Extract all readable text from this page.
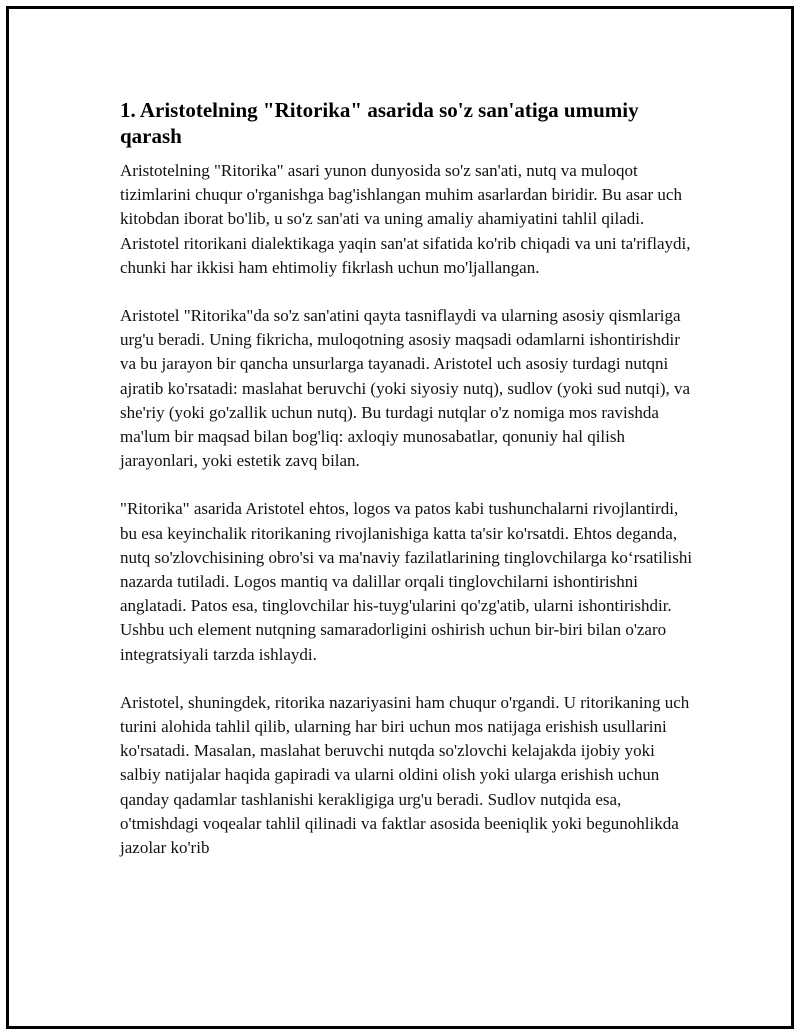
1. Aristotelning "Ritorika" asarida so'z san'atiga umumiy qarash

Aristotelning "Ritorika" asari yunon dunyosida so'z san'ati, nutq va muloqot tizimlarini chuqur o'rganishga bag'ishlangan muhim asarlardan biridir. Bu asar uch kitobdan iborat bo'lib, u so'z san'ati va uning amaliy ahamiyatini tahlil qiladi. Aristotel ritorikani dialektikaga yaqin san'at sifatida ko'rib chiqadi va uni ta'riflaydi, chunki har ikkisi ham ehtimoliy fikrlash uchun mo'ljallangan.

Aristotel "Ritorika"da so'z san'atini qayta tasniflaydi va ularning asosiy qismlariga urg'u beradi. Uning fikricha, muloqotning asosiy maqsadi odamlarni ishontirishdir va bu jarayon bir qancha unsurlarga tayanadi. Aristotel uch asosiy turdagi nutqni ajratib ko'rsatadi: maslahat beruvchi (yoki siyosiy nutq), sudlov (yoki sud nutqi), va she'riy (yoki go'zallik uchun nutq). Bu turdagi nutqlar o'z nomiga mos ravishda ma'lum bir maqsad bilan bog'liq: axloqiy munosabatlar, qonuniy hal qilish jarayonlari, yoki estetik zavq bilan.

"Ritorika" asarida Aristotel ehtos, logos va patos kabi tushunchalarni rivojlantirdi, bu esa keyinchalik ritorikaning rivojlanishiga katta ta'sir ko'rsatdi. Ehtos deganda, nutq so'zlovchisining obro'si va ma'naviy fazilatlarining tinglovchilarga ko‘rsatilishi nazarda tutiladi. Logos mantiq va dalillar orqali tinglovchilarni ishontirishni anglatadi. Patos esa, tinglovchilar his-tuyg'ularini qo'zg'atib, ularni ishontirishdir. Ushbu uch element nutqning samaradorligini oshirish uchun bir-biri bilan o'zaro integratsiyali tarzda ishlaydi.

Aristotel, shuningdek, ritorika nazariyasini ham chuqur o'rgandi. U ritorikaning uch turini alohida tahlil qilib, ularning har biri uchun mos natijaga erishish usullarini ko'rsatadi. Masalan, maslahat beruvchi nutqda so'zlovchi kelajakda ijobiy yoki salbiy natijalar haqida gapiradi va ularni oldini olish yoki ularga erishish uchun qanday qadamlar tashlanishi kerakligiga urg'u beradi. Sudlov nutqida esa, o'tmishdagi voqealar tahlil qilinadi va faktlar asosida beeniqlik yoki begunohlikda jazolar ko'rib
